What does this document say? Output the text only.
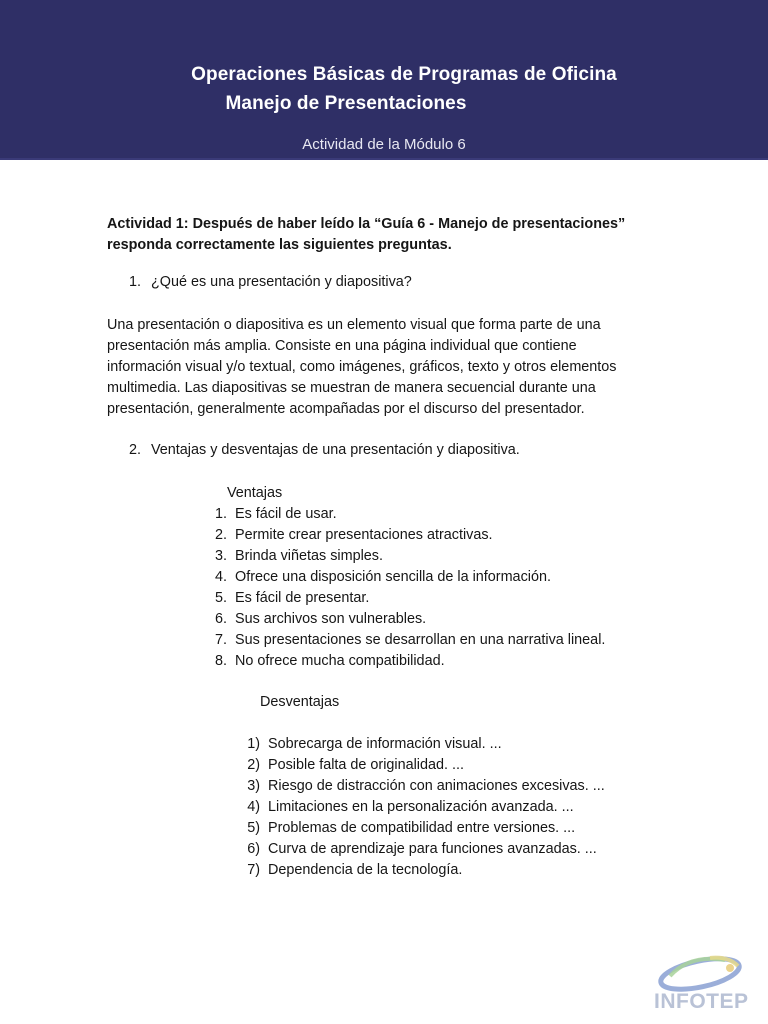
Operaciones Básicas de Programas de Oficina
Manejo de Presentaciones
Actividad de la Módulo 6
Actividad 1: Después de haber leído la “Guía 6 - Manejo de presentaciones”
responda correctamente las siguientes preguntas.
1. ¿Qué es una presentación y diapositiva?
Una presentación o diapositiva es un elemento visual que forma parte de una
presentación más amplia. Consiste en una página individual que contiene
información visual y/o textual, como imágenes, gráficos, texto y otros elementos
multimedia. Las diapositivas se muestran de manera secuencial durante una
presentación, generalmente acompañadas por el discurso del presentador.
2. Ventajas y desventajas de una presentación y diapositiva.
Ventajas
1. Es fácil de usar.
2. Permite crear presentaciones atractivas.
3. Brinda viñetas simples.
4. Ofrece una disposición sencilla de la información.
5. Es fácil de presentar.
6. Sus archivos son vulnerables.
7. Sus presentaciones se desarrollan en una narrativa lineal.
8. No ofrece mucha compatibilidad.
Desventajas
1) Sobrecarga de información visual. ...
2) Posible falta de originalidad. ...
3) Riesgo de distracción con animaciones excesivas. ...
4) Limitaciones en la personalización avanzada. ...
5) Problemas de compatibilidad entre versiones. ...
6) Curva de aprendizaje para funciones avanzadas. ...
7) Dependencia de la tecnología.
INFOTEP
